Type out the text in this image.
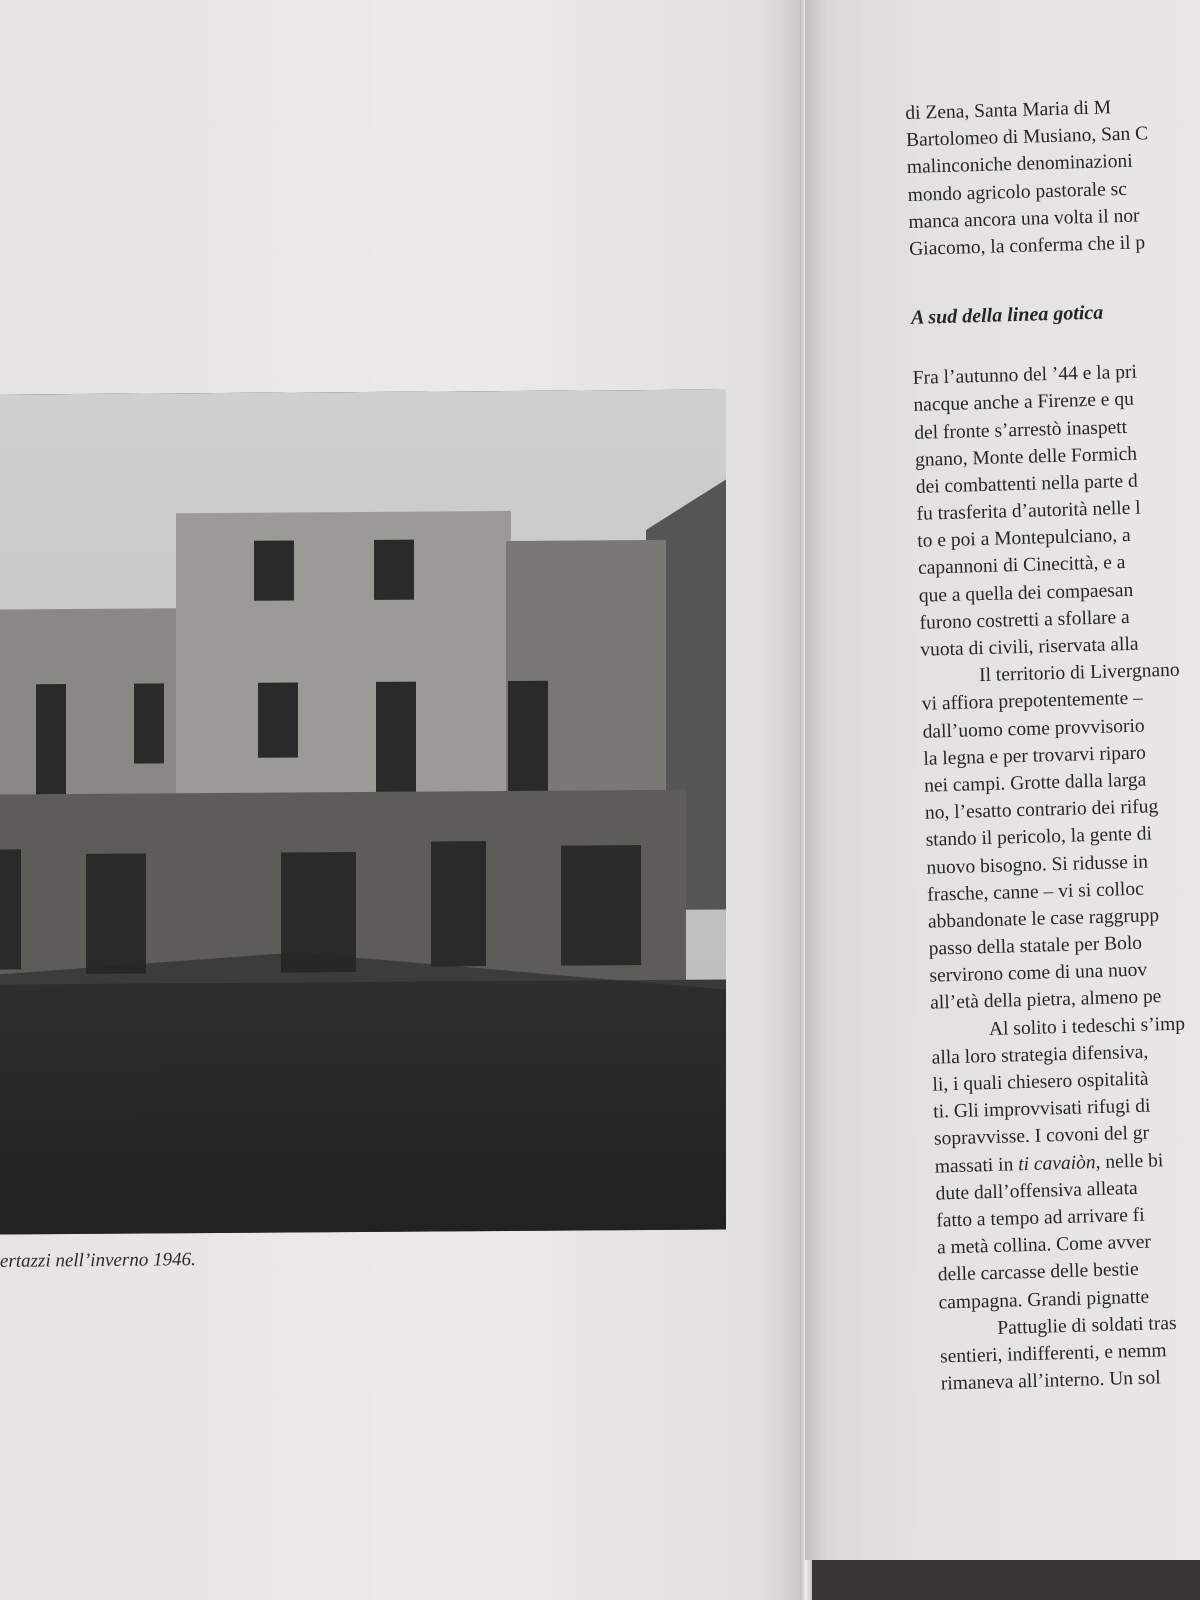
ertazzi nell’inverno 1946.
di Zena, Santa Maria di M
Bartolomeo di Musiano, San C
malinconiche denominazioni
mondo agricolo pastorale sc
manca ancora una volta il nor
Giacomo, la conferma che il p
A sud della linea gotica
Fra l’autunno del ’44 e la pri
nacque anche a Firenze e qu
del fronte s’arrestò inaspett
gnano, Monte delle Formich
dei combattenti nella parte d
fu trasferita d’autorità nelle l
to e poi a Montepulciano, a
capannoni di Cinecittà, e a
que a quella dei compaesan
furono costretti a sfollare a
vuota di civili, riservata alla
Il territorio di Livergnano
vi affiora prepotentemente –
dall’uomo come provvisorio
la legna e per trovarvi riparo
nei campi. Grotte dalla larga
no, l’esatto contrario dei rifug
stando il pericolo, la gente di
nuovo bisogno. Si ridusse in
frasche, canne – vi si colloc
abbandonate le case raggrupp
passo della statale per Bolo
servirono come di una nuov
all’età della pietra, almeno pe
Al solito i tedeschi s’imp
alla loro strategia difensiva,
li, i quali chiesero ospitalità
ti. Gli improvvisati rifugi di
sopravvisse. I covoni del gr
massati in ti cavaiòn, nelle bi
dute dall’offensiva alleata
fatto a tempo ad arrivare fi
a metà collina. Come avver
delle carcasse delle bestie
campagna. Grandi pignatte
Pattuglie di soldati tras
sentieri, indifferenti, e nemm
rimaneva all’interno. Un sol
